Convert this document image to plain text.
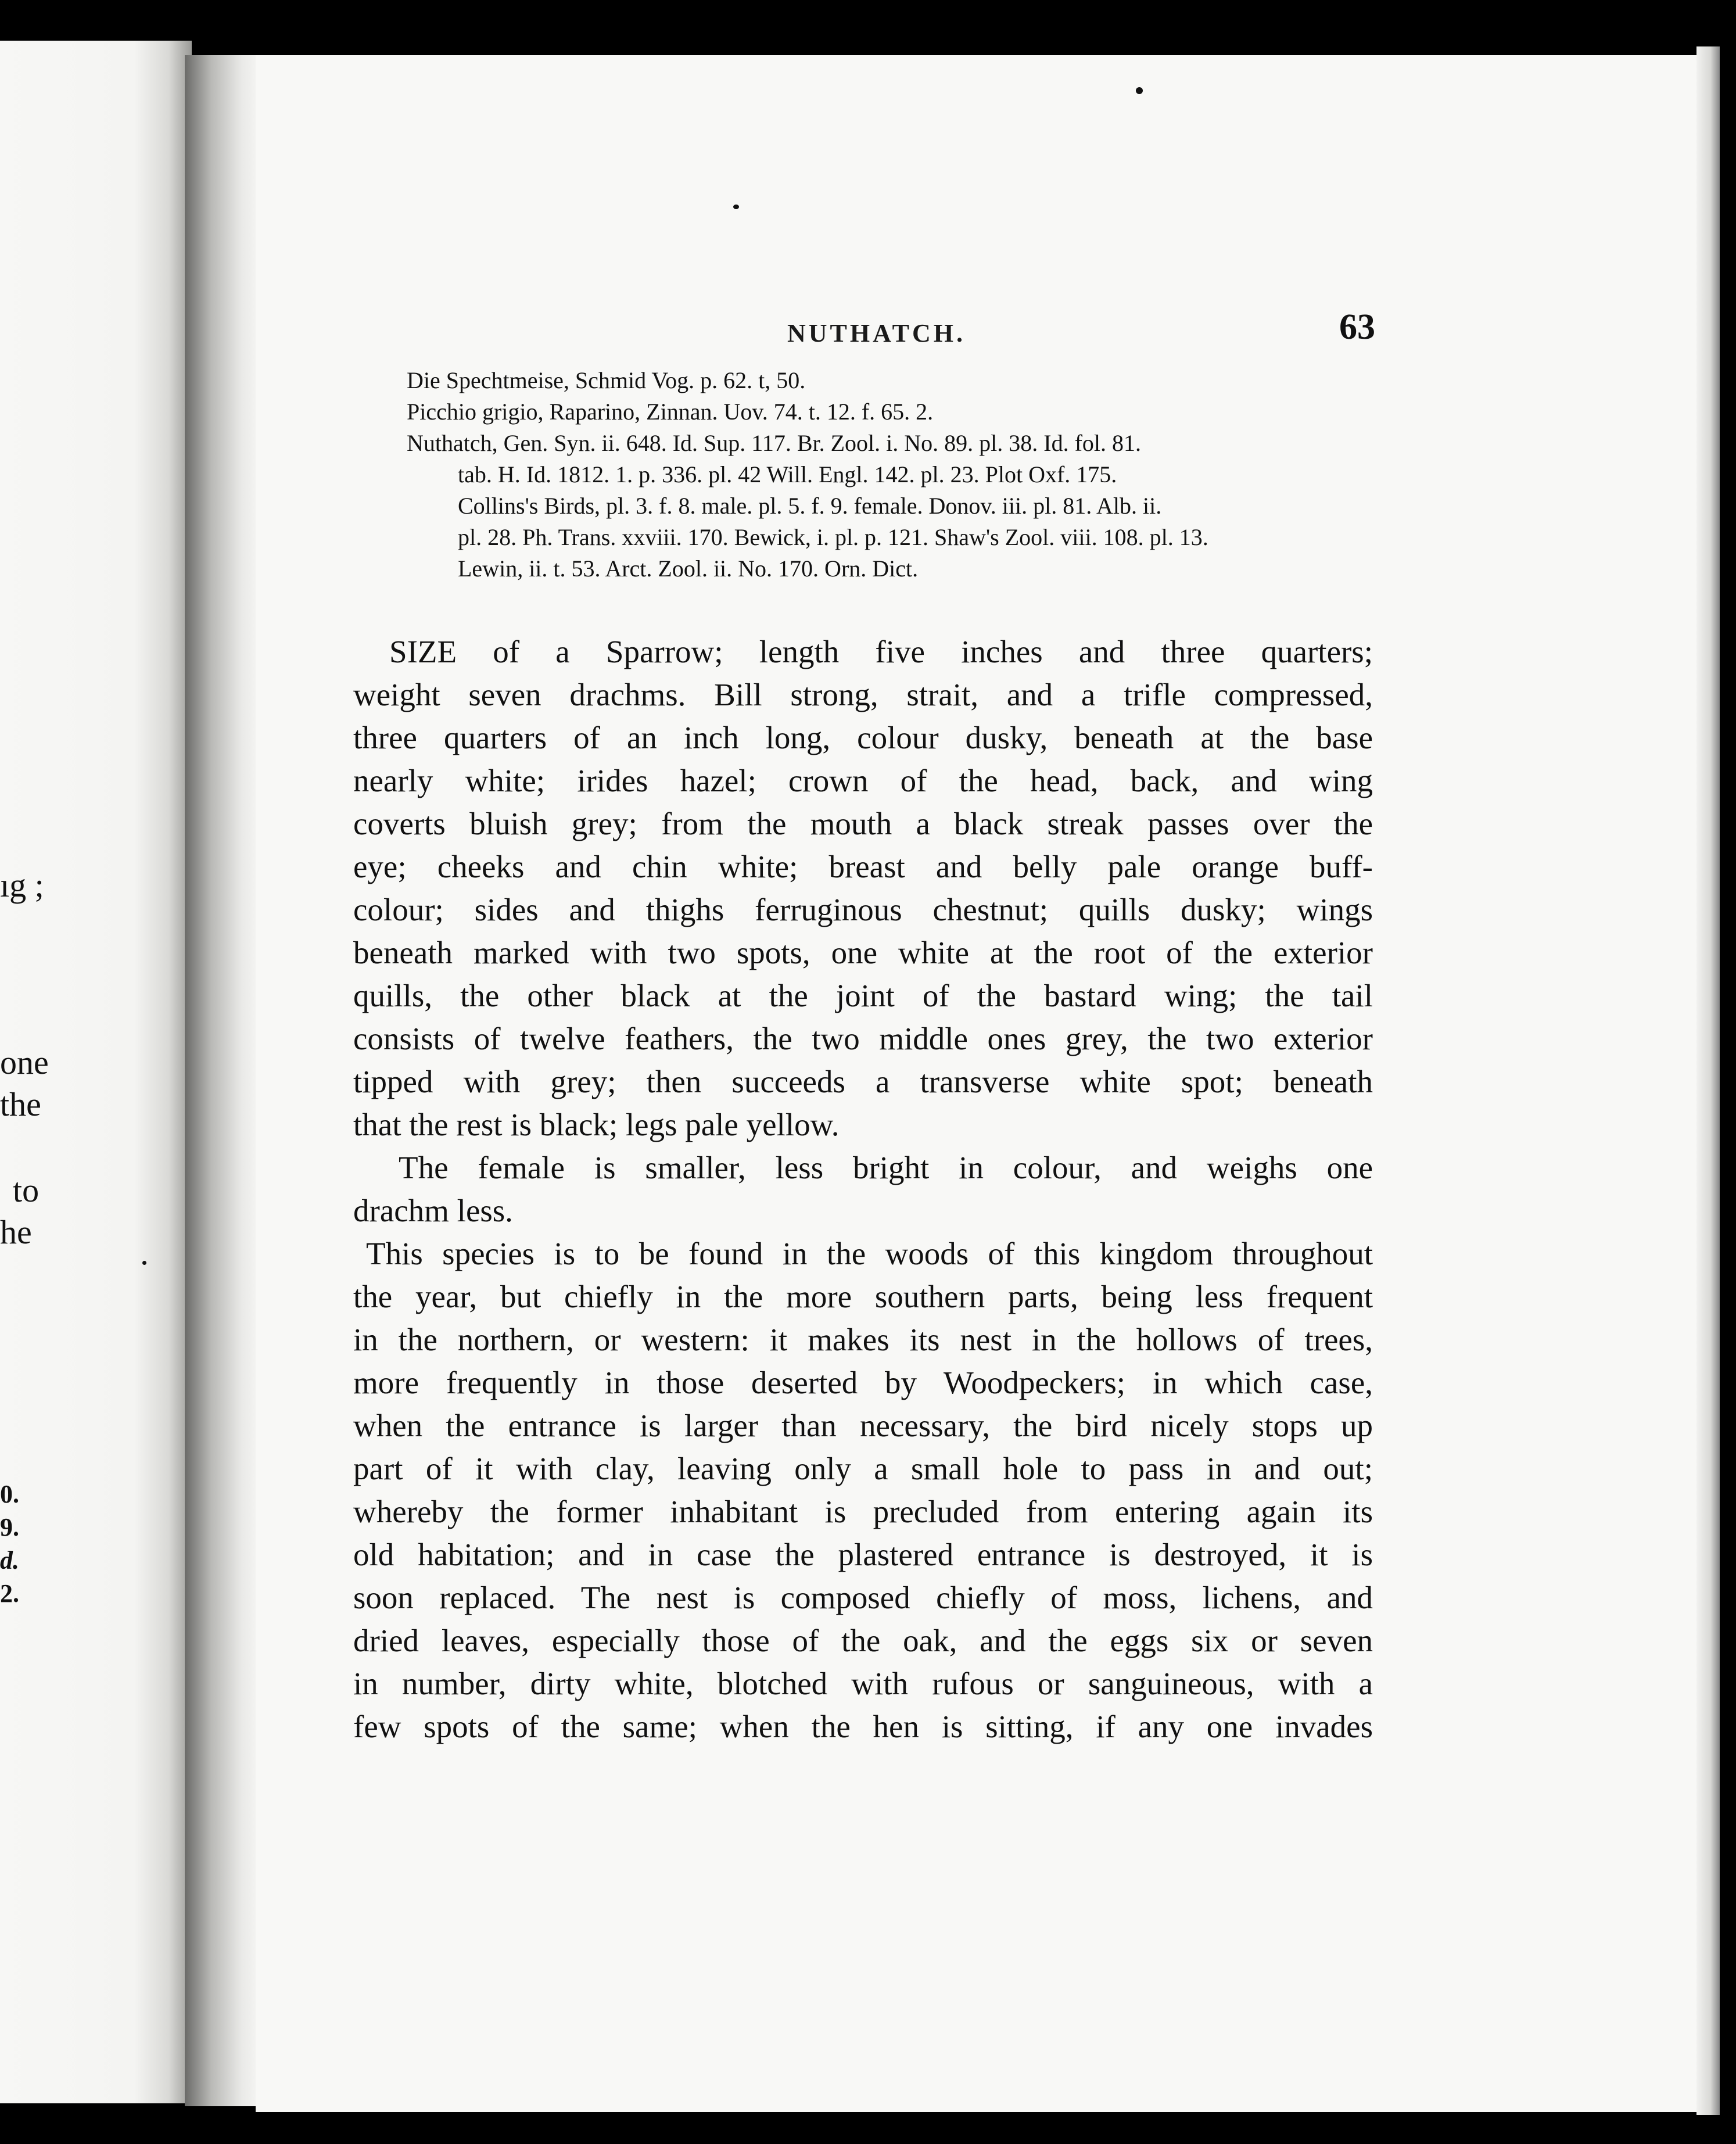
ıg ;
one
the
to
he
0.
9.
d.
2.
NUTHATCH.	63
Die Spechtmeise, Schmid Vog. p. 62. t, 50.
Picchio grigio, Raparino, Zinnan. Uov. 74. t. 12. f. 65. 2.
Nuthatch, Gen. Syn. ii. 648. Id. Sup. 117. Br. Zool. i. No. 89. pl. 38. Id. fol. 81.
tab. H. Id. 1812. 1. p. 336. pl. 42 Will. Engl. 142. pl. 23. Plot Oxf. 175.
Collins's Birds, pl. 3. f. 8. male. pl. 5. f. 9. female. Donov. iii. pl. 81. Alb. ii.
pl. 28. Ph. Trans. xxviii. 170. Bewick, i. pl. p. 121. Shaw's Zool. viii. 108. pl. 13.
Lewin, ii. t. 53. Arct. Zool. ii. No. 170. Orn. Dict.
SIZE of a Sparrow; length five inches and three quarters;
weight seven drachms. Bill strong, strait, and a trifle compressed,
three quarters of an inch long, colour dusky, beneath at the base
nearly white; irides hazel; crown of the head, back, and wing
coverts bluish grey; from the mouth a black streak passes over the
eye; cheeks and chin white; breast and belly pale orange buff-
colour; sides and thighs ferruginous chestnut; quills dusky; wings
beneath marked with two spots, one white at the root of the exterior
quills, the other black at the joint of the bastard wing; the tail
consists of twelve feathers, the two middle ones grey, the two exterior
tipped with grey; then succeeds a transverse white spot; beneath
that the rest is black; legs pale yellow.
The female is smaller, less bright in colour, and weighs one
drachm less.
This species is to be found in the woods of this kingdom throughout
the year, but chiefly in the more southern parts, being less frequent
in the northern, or western: it makes its nest in the hollows of trees,
more frequently in those deserted by Woodpeckers; in which case,
when the entrance is larger than necessary, the bird nicely stops up
part of it with clay, leaving only a small hole to pass in and out;
whereby the former inhabitant is precluded from entering again its
old habitation; and in case the plastered entrance is destroyed, it is
soon replaced. The nest is composed chiefly of moss, lichens, and
dried leaves, especially those of the oak, and the eggs six or seven
in number, dirty white, blotched with rufous or sanguineous, with a
few spots of the same; when the hen is sitting, if any one invades
